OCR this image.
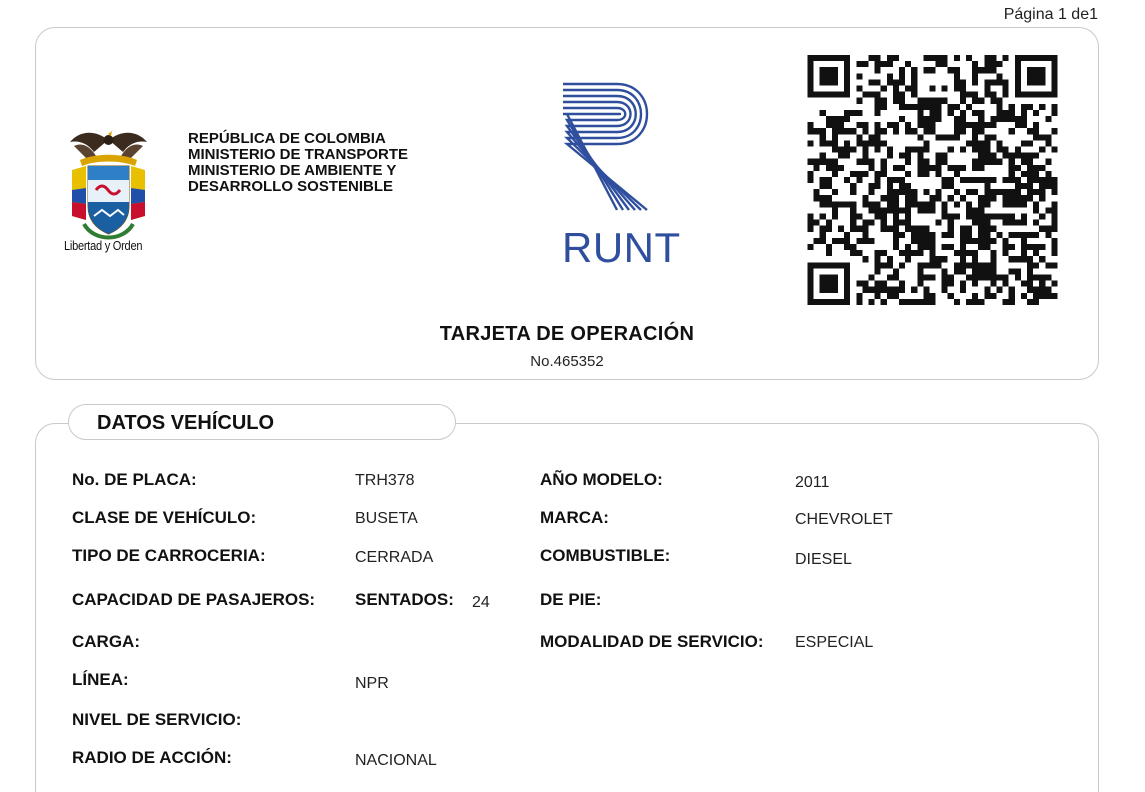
Página 1 de1
Libertad y Orden
REPÚBLICA DE COLOMBIA
MINISTERIO DE TRANSPORTE
MINISTERIO DE AMBIENTE Y
DESARROLLO SOSTENIBLE
RUNT
TARJETA DE OPERACIÓN
No.465352
DATOS VEHÍCULO
No. DE PLACA:	TRH378
CLASE DE VEHÍCULO:	BUSETA
TIPO DE CARROCERIA:	CERRADA
CAPACIDAD DE PASAJEROS: SENTADOS: 24
CARGA:
LÍNEA:	NPR
NIVEL DE SERVICIO:
RADIO DE ACCIÓN:	NACIONAL
AÑO MODELO:	2011
MARCA:	CHEVROLET
COMBUSTIBLE:	DIESEL
DE PIE:
MODALIDAD DE SERVICIO: ESPECIAL
